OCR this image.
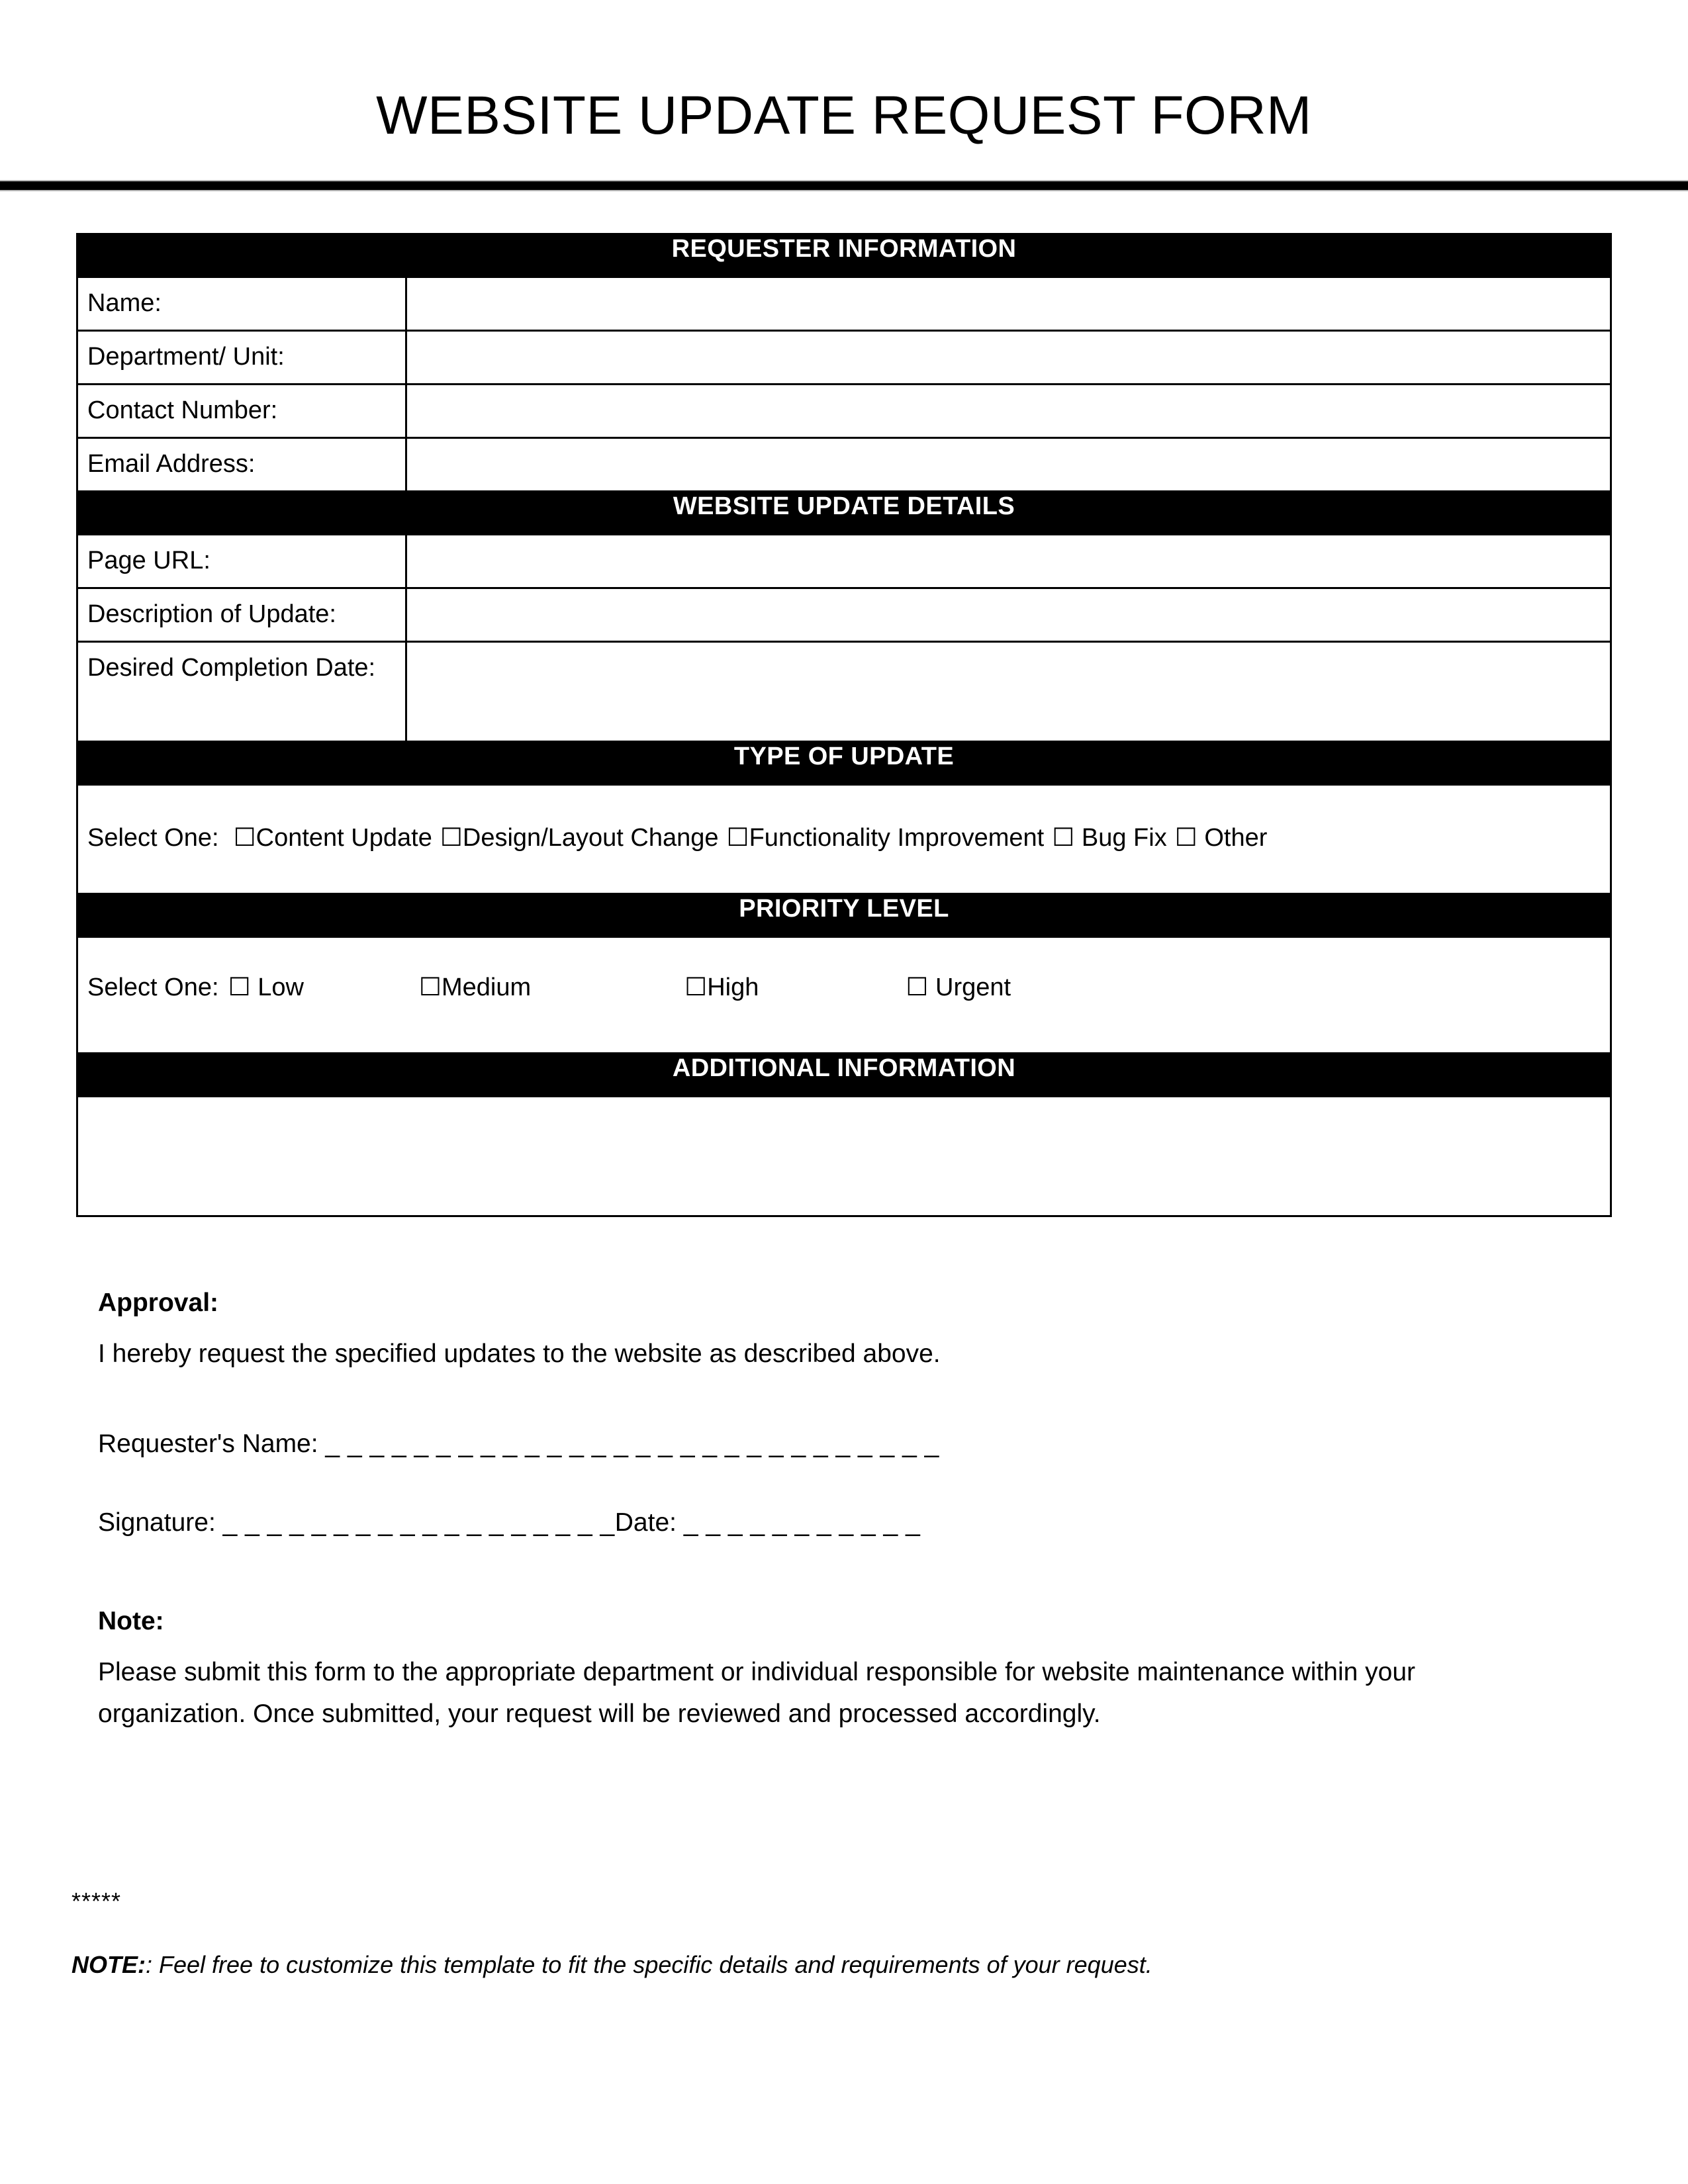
WEBSITE UPDATE REQUEST FORM
REQUESTER INFORMATION	
Name:	
Department/ Unit:	
Contact Number:	
Email Address:	
WEBSITE UPDATE DETAILS	
Page URL:	
Description of Update:	
Desired Completion Date:	
TYPE OF UPDATE	
Select One: ☐Content Update ☐Design/Layout Change ☐Functionality Improvement ☐ Bug Fix ☐ Other	
PRIORITY LEVEL	
Select One: ☐ Low ☐Medium ☐High ☐ Urgent	
ADDITIONAL INFORMATION	

Approval:

I hereby request the specified updates to the website as described above.

Requester's Name: _ _ _ _ _ _ _ _ _ _ _ _ _ _ _ _ _ _ _ _ _ _ _ _ _ _ _ _

Signature: _ _ _ _ _ _ _ _ _ _ _ _ _ _ _ _ _ _Date: _ _ _ _ _ _ _ _ _ _ _

Note:

Please submit this form to the appropriate department or individual responsible for website maintenance within your organization. Once submitted, your request will be reviewed and processed accordingly.

*****

NOTE:: Feel free to customize this template to fit the specific details and requirements of your request.
